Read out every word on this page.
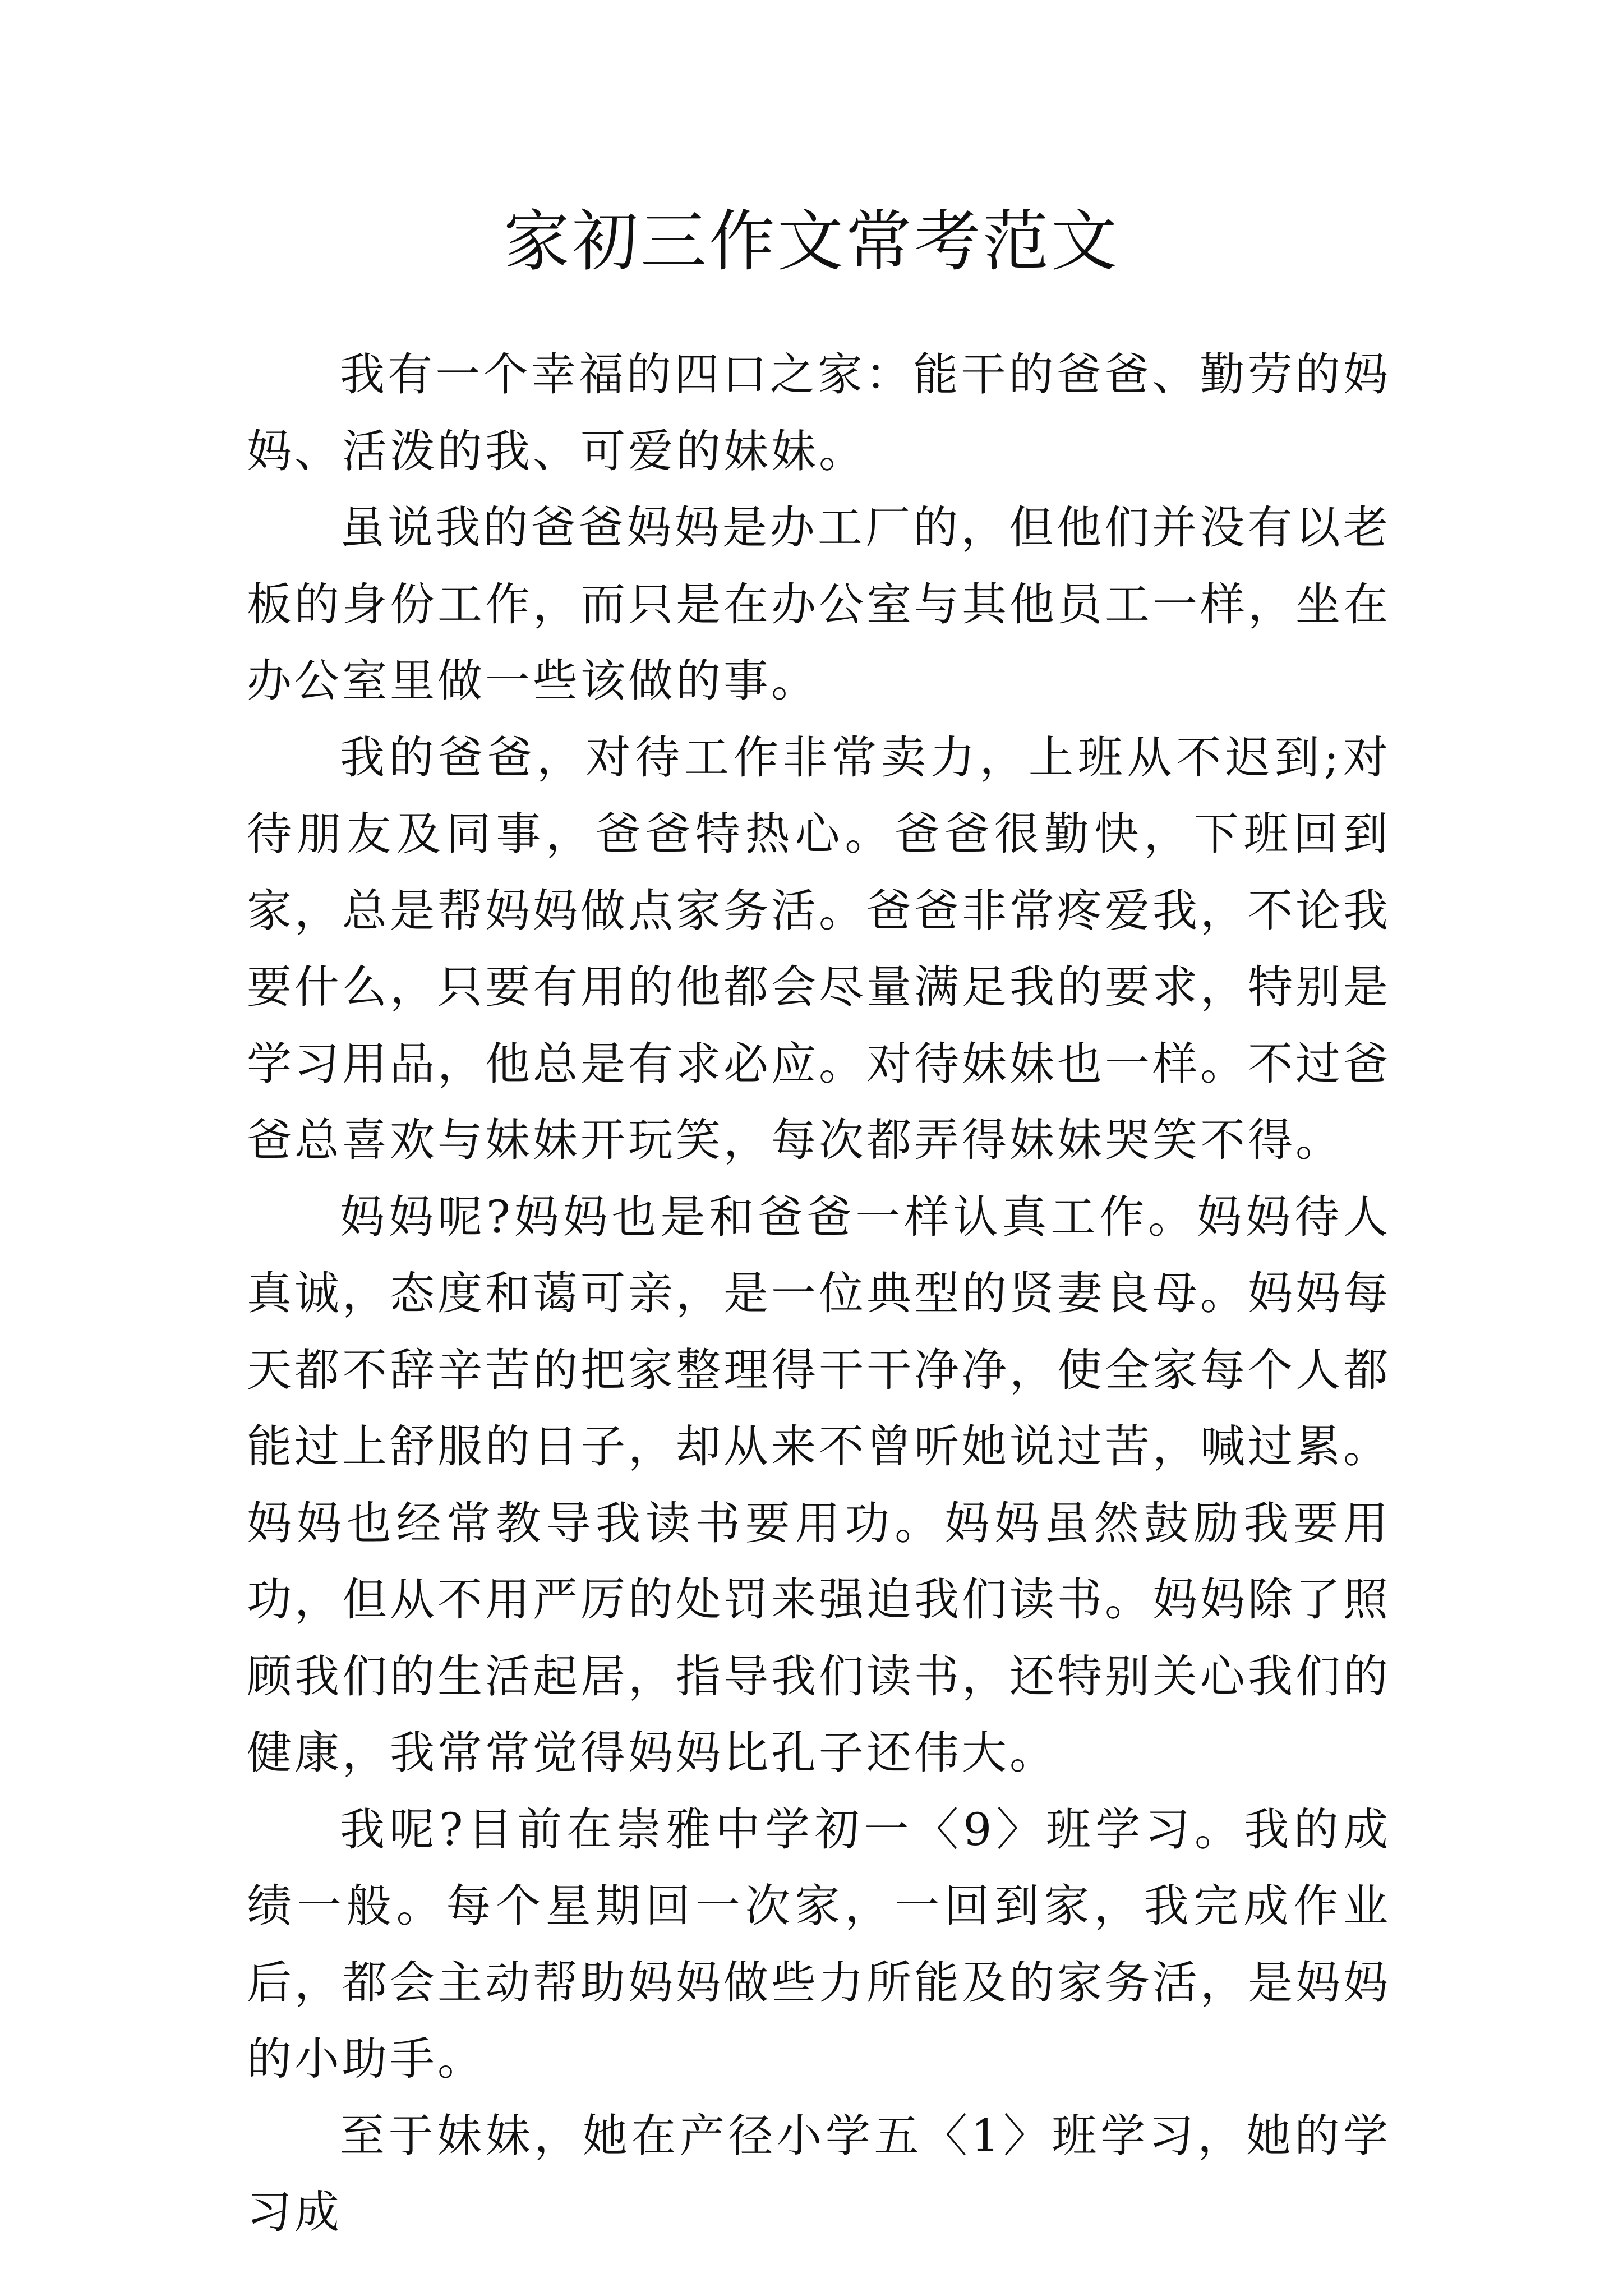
家初三作文常考范文

我有一个幸福的四口之家：能干的爸爸、勤劳的妈妈、活泼的我、可爱的妹妹。

虽说我的爸爸妈妈是办工厂的，但他们并没有以老板的身份工作，而只是在办公室与其他员工一样，坐在办公室里做一些该做的事。

我的爸爸，对待工作非常卖力，上班从不迟到;对待朋友及同事，爸爸特热心。爸爸很勤快，下班回到家，总是帮妈妈做点家务活。爸爸非常疼爱我，不论我要什么，只要有用的他都会尽量满足我的要求，特别是学习用品，他总是有求必应。对待妹妹也一样。不过爸爸总喜欢与妹妹开玩笑，每次都弄得妹妹哭笑不得。

妈妈呢?妈妈也是和爸爸一样认真工作。妈妈待人真诚，态度和蔼可亲，是一位典型的贤妻良母。妈妈每天都不辞辛苦的把家整理得干干净净，使全家每个人都能过上舒服的日子，却从来不曾听她说过苦，喊过累。妈妈也经常教导我读书要用功。妈妈虽然鼓励我要用功，但从不用严厉的处罚来强迫我们读书。妈妈除了照顾我们的生活起居，指导我们读书，还特别关心我们的健康，我常常觉得妈妈比孔子还伟大。

我呢?目前在崇雅中学初一〈9〉班学习。我的成绩一般。每个星期回一次家，一回到家，我完成作业后，都会主动帮助妈妈做些力所能及的家务活，是妈妈的小助手。

至于妹妹，她在产径小学五〈1〉班学习，她的学习成
